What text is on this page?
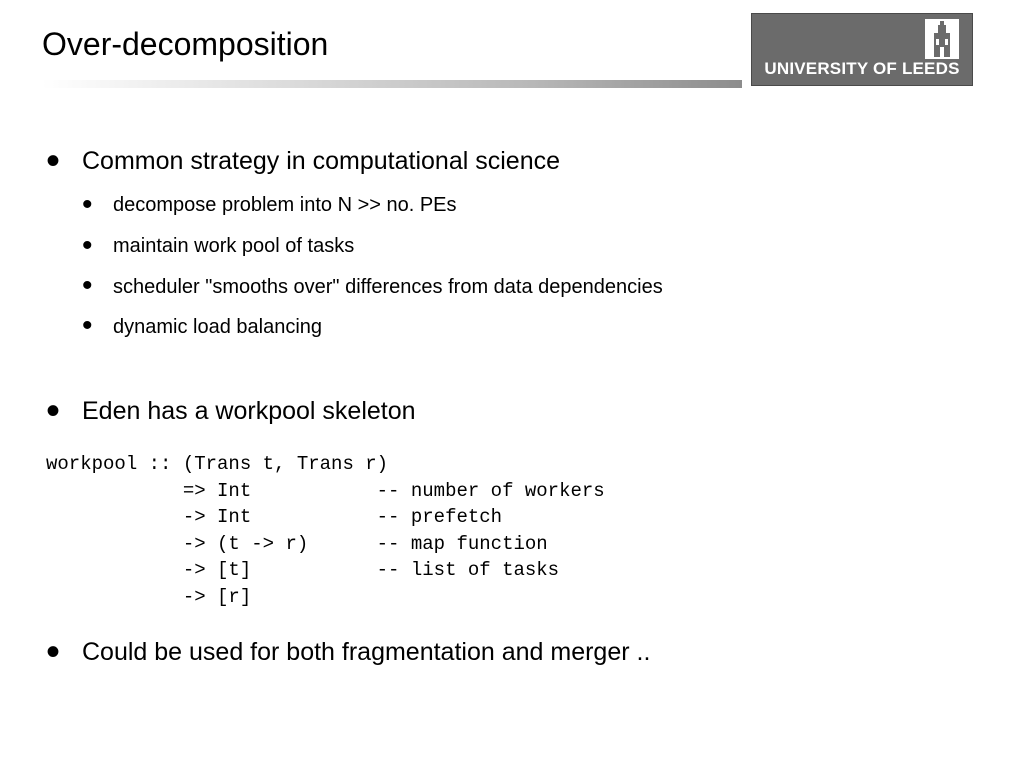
Over-decomposition
UNIVERSITY OF LEEDS
• Common strategy in computational science
• decompose problem into N >> no. PEs
• maintain work pool of tasks
• scheduler "smooths over" differences from data dependencies
• dynamic load balancing
• Eden has a workpool skeleton
workpool :: (Trans t, Trans r)
=> Int           -- number of workers
-> Int           -- prefetch
-> (t -> r)      -- map function
-> [t]           -- list of tasks
-> [r]
• Could be used for both fragmentation and merger ..
